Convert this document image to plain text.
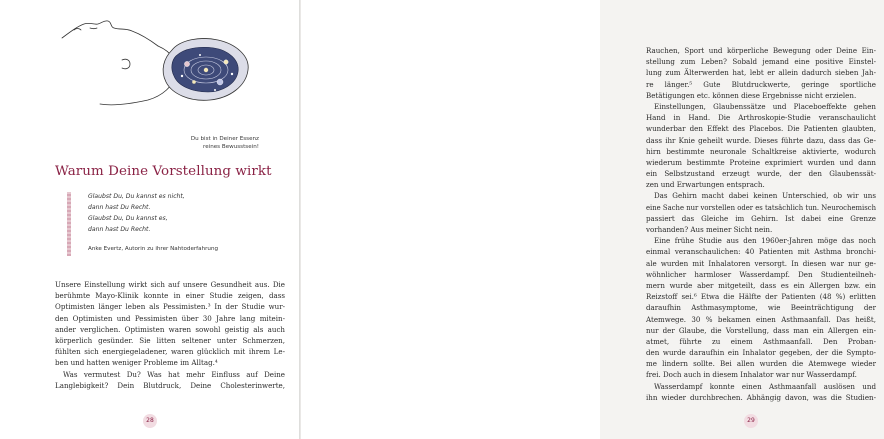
Du bist in Deiner Essenz
reines Bewusstsein!
Warum Deine Vorstellung wirkt
Glaubst Du, Du kannst es nicht,
dann hast Du Recht.
Glaubst Du, Du kannst es,
dann hast Du Recht.
Anke Evertz, Autorin zu ihrer Nahtoderfahrung
Unsere Einstellung wirkt sich auf unsere Gesundheit aus. Die
berühmte Mayo-Klinik konnte in einer Studie zeigen, dass
Optimisten länger leben als Pessimisten.³ In der Studie wur-
den Optimisten und Pessimisten über 30 Jahre lang mitein-
ander verglichen. Optimisten waren sowohl geistig als auch
körperlich gesünder. Sie litten seltener unter Schmerzen,
fühlten sich energiegeladener, waren glücklich mit ihrem Le-
ben und hatten weniger Probleme im Alltag.⁴
Was vermutest Du? Was hat mehr Einfluss auf Deine
Langlebigkeit? Dein Blutdruck, Deine Cholesterinwerte,
28
Rauchen, Sport und körperliche Bewegung oder Deine Ein-
stellung zum Leben? Sobald jemand eine positive Einstel-
lung zum Älterwerden hat, lebt er allein dadurch sieben Jah-
re länger.⁵ Gute Blutdruckwerte, geringe sportliche
Betätigungen etc. können diese Ergebnisse nicht erzielen.
Einstellungen, Glaubenssätze und Placeboeffekte gehen
Hand in Hand. Die Arthroskopie-Studie veranschaulicht
wunderbar den Effekt des Placebos. Die Patienten glaubten,
dass ihr Knie geheilt wurde. Dieses führte dazu, dass das Ge-
hirn bestimmte neuronale Schaltkreise aktivierte, wodurch
wiederum bestimmte Proteine exprimiert wurden und dann
ein Selbstzustand erzeugt wurde, der den Glaubenssät-
zen und Erwartungen entsprach.
Das Gehirn macht dabei keinen Unterschied, ob wir uns
eine Sache nur vorstellen oder es tatsächlich tun. Neurochemisch
passiert das Gleiche im Gehirn. Ist dabei eine Grenze
vorhanden? Aus meiner Sicht nein.
Eine frühe Studie aus den 1960er-Jahren möge das noch
einmal veranschaulichen: 40 Patienten mit Asthma bronchi-
ale wurden mit Inhalatoren versorgt. In diesen war nur ge-
wöhnlicher harmloser Wasserdampf. Den Studienteilneh-
mern wurde aber mitgeteilt, dass es ein Allergen bzw. ein
Reizstoff sei.⁶ Etwa die Hälfte der Patienten (48 %) erlitten
daraufhin Asthmasymptome, wie Beeinträchtigung der
Atemwege. 30 % bekamen einen Asthmaanfall. Das heißt,
nur der Glaube, die Vorstellung, dass man ein Allergen ein-
atmet, führte zu einem Asthmaanfall. Den Proban-
den wurde daraufhin ein Inhalator gegeben, der die Sympto-
me lindern sollte. Bei allen wurden die Atemwege wieder
frei. Doch auch in diesem Inhalator war nur Wasserdampf.
Wasserdampf konnte einen Asthmaanfall auslösen und
ihn wieder durchbrechen. Abhängig davon, was die Studien-
29
